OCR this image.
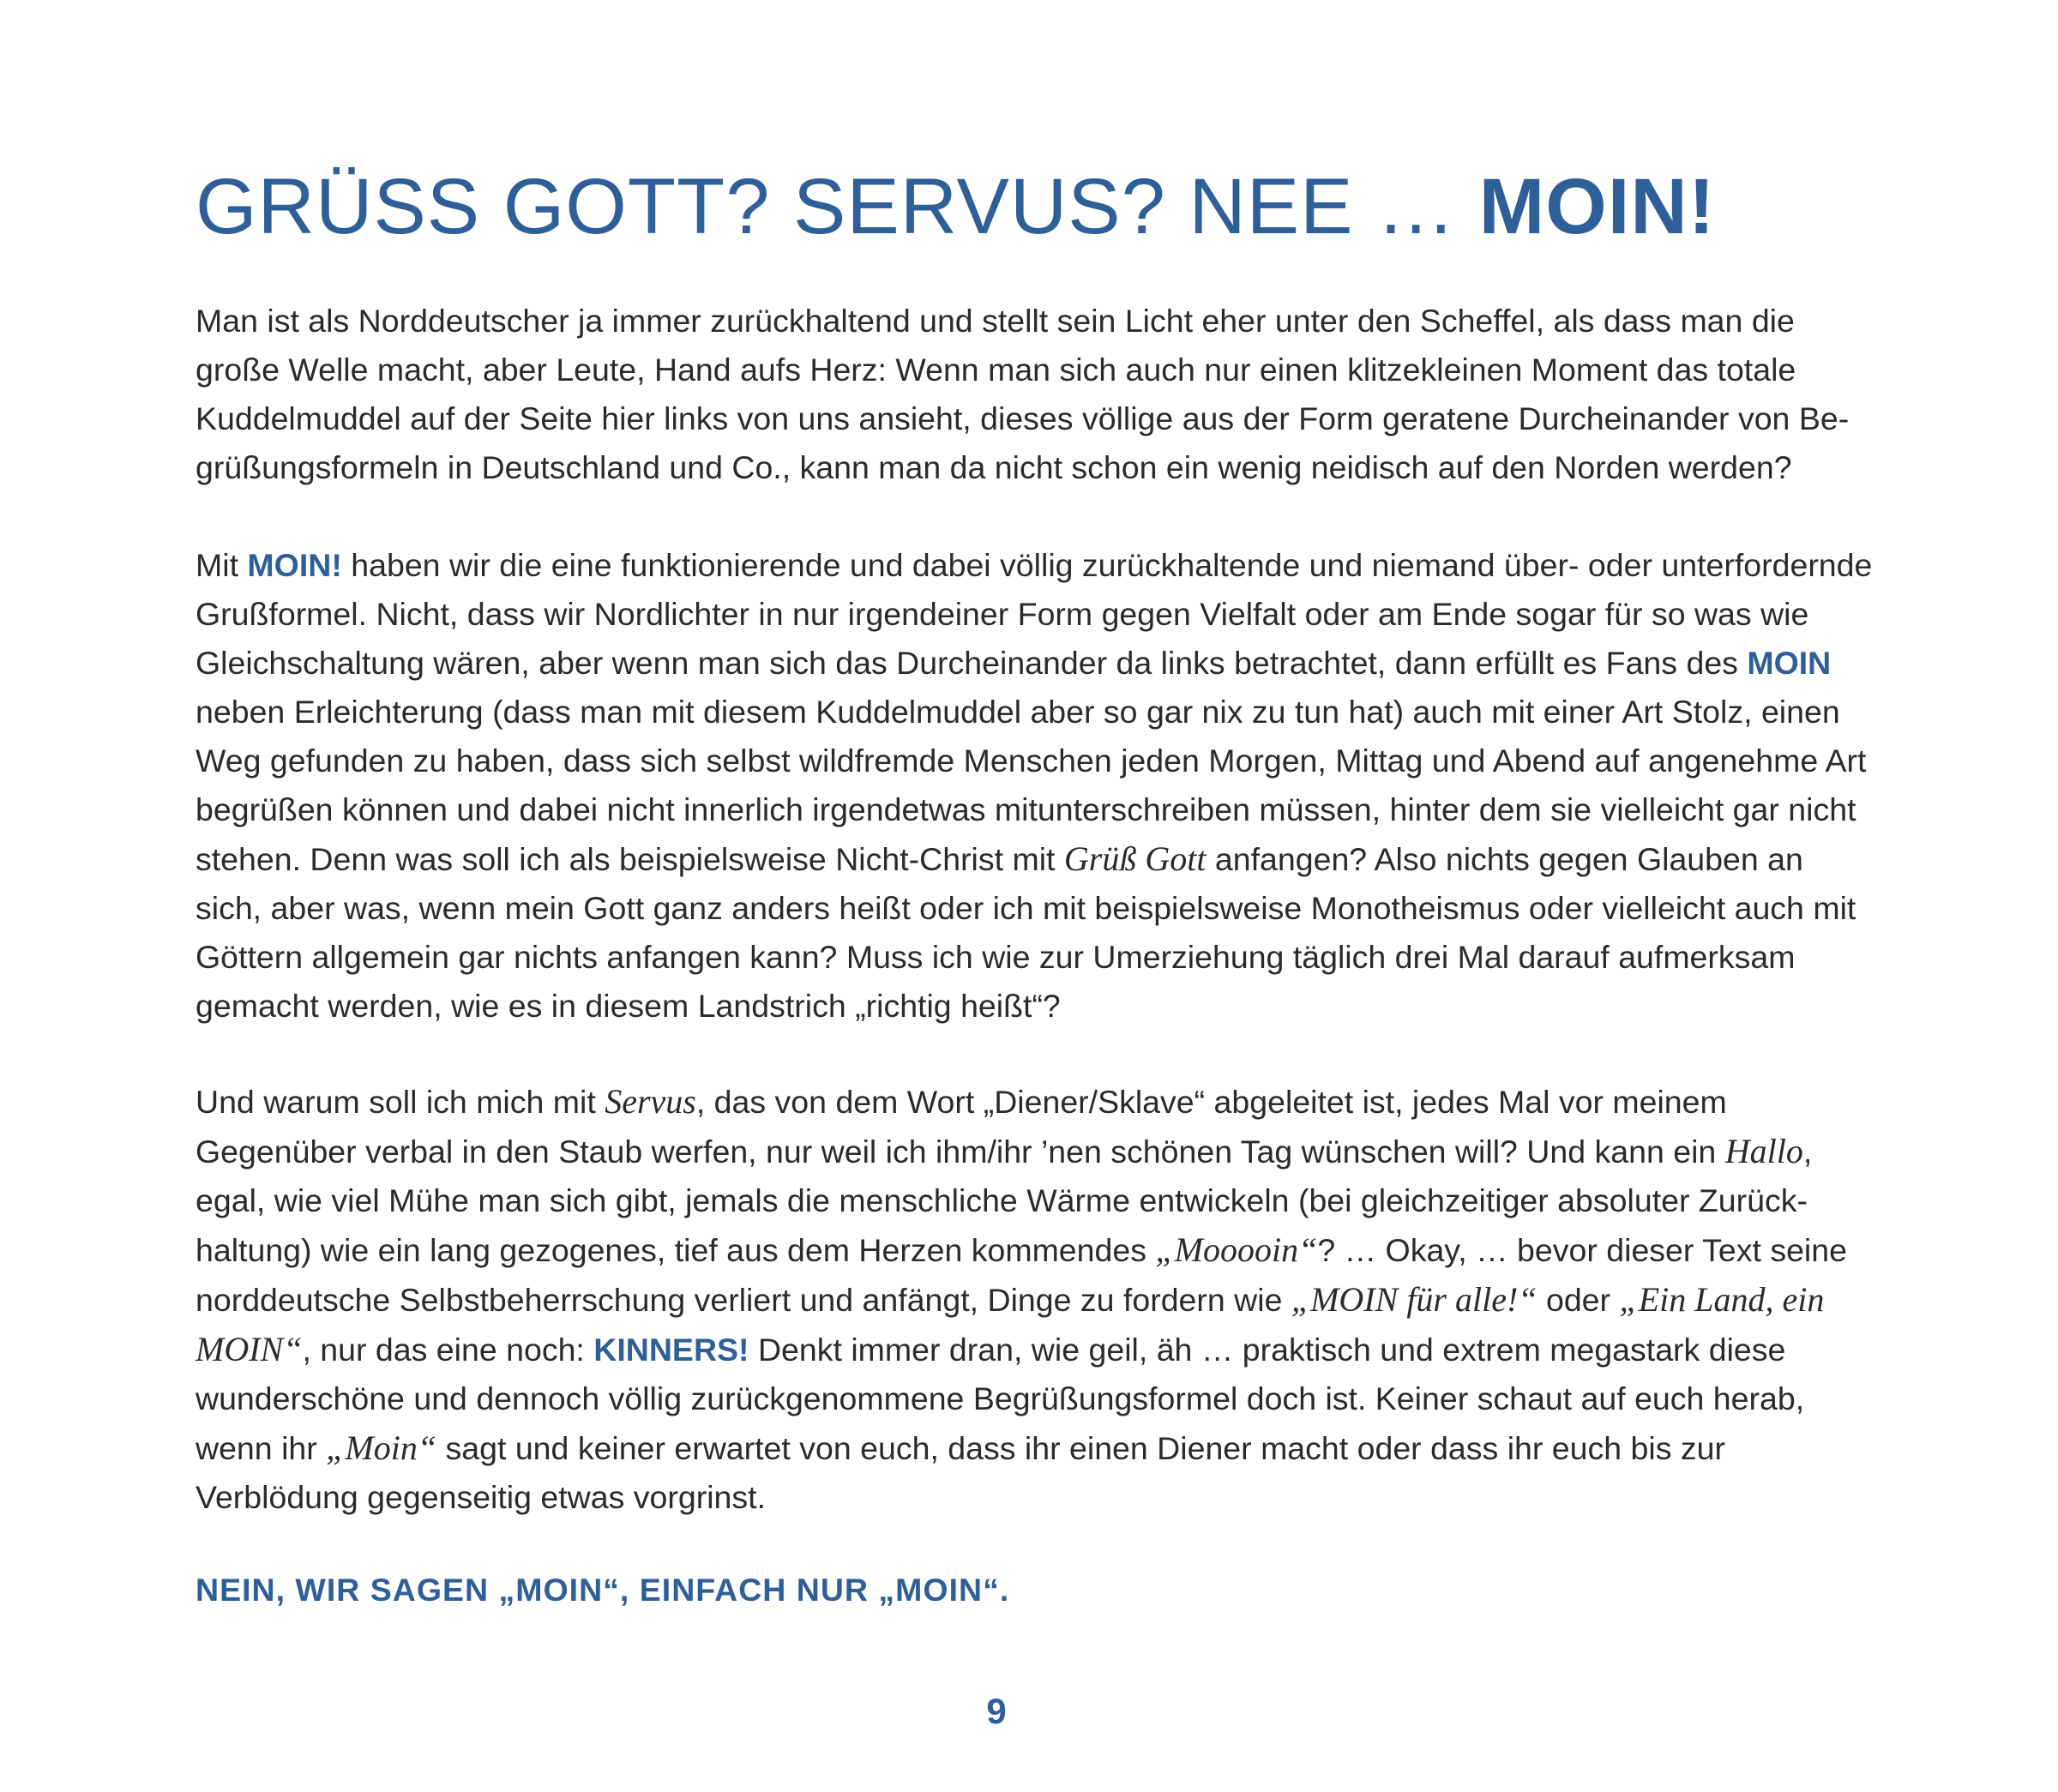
GRÜSS GOTT? SERVUS? NEE … MOIN!

Man ist als Norddeutscher ja immer zurückhaltend und stellt sein Licht eher unter den Scheffel, als dass man die große Welle macht, aber Leute, Hand aufs Herz: Wenn man sich auch nur einen klitzekleinen Moment das totale Kuddelmuddel auf der Seite hier links von uns ansieht, dieses völlige aus der Form geratene Durcheinander von Begrüßungsformeln in Deutschland und Co., kann man da nicht schon ein wenig neidisch auf den Norden werden?

Mit MOIN! haben wir die eine funktionierende und dabei völlig zurückhaltende und niemand über- oder unterfordernde Grußformel. Nicht, dass wir Nordlichter in nur irgendeiner Form gegen Vielfalt oder am Ende sogar für so was wie Gleichschaltung wären, aber wenn man sich das Durcheinander da links betrachtet, dann erfüllt es Fans des MOIN neben Erleichterung (dass man mit diesem Kuddelmuddel aber so gar nix zu tun hat) auch mit einer Art Stolz, einen Weg gefunden zu haben, dass sich selbst wildfremde Menschen jeden Morgen, Mittag und Abend auf angenehme Art begrüßen können und dabei nicht innerlich irgendetwas mitunterschreiben müssen, hinter dem sie vielleicht gar nicht stehen. Denn was soll ich als beispielsweise Nicht-Christ mit Grüß Gott anfangen? Also nichts gegen Glauben an sich, aber was, wenn mein Gott ganz anders heißt oder ich mit beispielsweise Monotheismus oder vielleicht auch mit Göttern allgemein gar nichts anfangen kann? Muss ich wie zur Umerziehung täglich drei Mal darauf aufmerksam gemacht werden, wie es in diesem Landstrich „richtig heißt“?

Und warum soll ich mich mit Servus, das von dem Wort „Diener/Sklave“ abgeleitet ist, jedes Mal vor meinem Gegenüber verbal in den Staub werfen, nur weil ich ihm/ihr ’nen schönen Tag wünschen will? Und kann ein Hallo, egal, wie viel Mühe man sich gibt, jemals die menschliche Wärme entwickeln (bei gleichzeitiger absoluter Zurückhaltung) wie ein lang gezogenes, tief aus dem Herzen kommendes „Mooooin“? … Okay, … bevor dieser Text seine norddeutsche Selbstbeherrschung verliert und anfängt, Dinge zu fordern wie „MOIN für alle!“ oder „Ein Land, ein MOIN“, nur das eine noch: KINNERS! Denkt immer dran, wie geil, äh … praktisch und extrem megastark diese wunderschöne und dennoch völlig zurückgenommene Begrüßungsformel doch ist. Keiner schaut auf euch herab, wenn ihr „Moin“ sagt und keiner erwartet von euch, dass ihr einen Diener macht oder dass ihr euch bis zur Verblödung gegenseitig etwas vorgrinst.

NEIN, WIR SAGEN „MOIN“, EINFACH NUR „MOIN“.

9
